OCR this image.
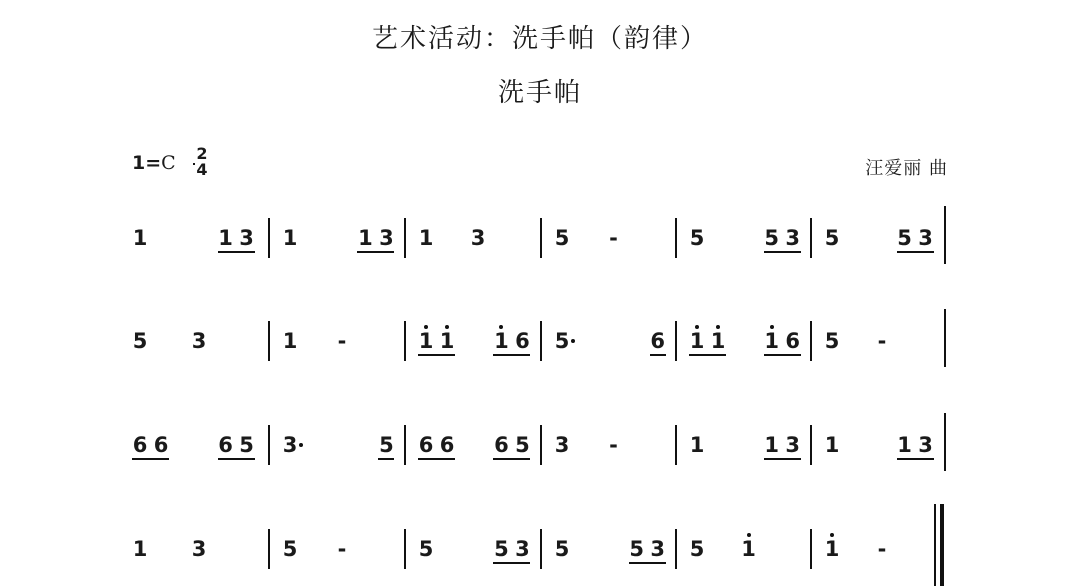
艺术活动：洗手帕（韵律）
洗手帕
1=C 2
4	汪爱丽 曲
1	1 3 1	1 3 1 3	5	-	5	5 3 5	5 3
5 3	1	-	1 1 1 6 5	6 1 1 1 6 5	-
6 6 6 5 3	5 6 6 6 5 3	-	1	1 3 1	1 3
1 3	5	-	5	5 3 5	5 3 5 1	1	-
